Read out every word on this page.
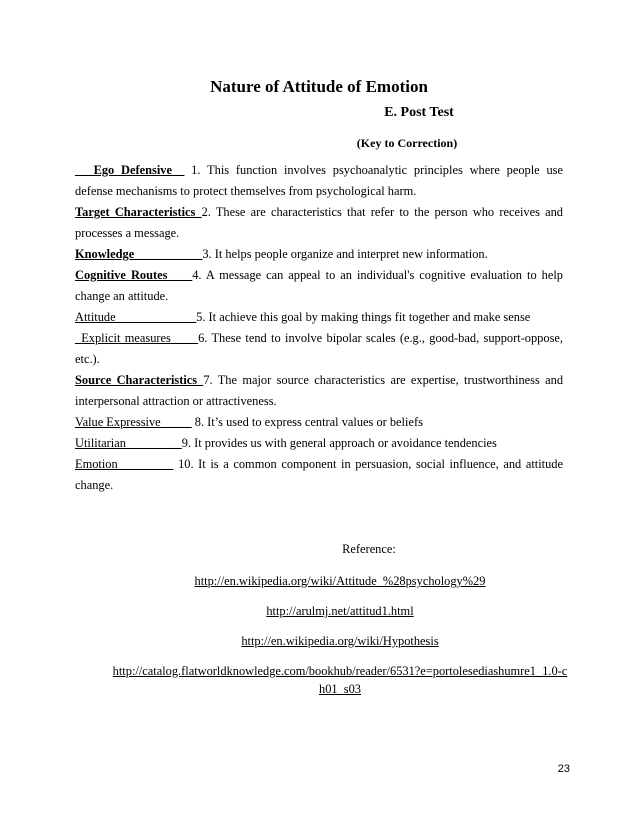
Nature of Attitude of Emotion
E. Post Test
(Key to Correction)

___Ego Defensive__ 1. This function involves psychoanalytic principles where people use defense mechanisms to protect themselves from psychological harm.

Target Characteristics_2. These are characteristics that refer to the person who receives and processes a message.

Knowledge___________3. It helps people organize and interpret new information.

Cognitive Routes____4. A message can appeal to an individual's cognitive evaluation to help change an attitude.

Attitude_____________5. It achieve this goal by making things fit together and make sense

_Explicit measures  ___6. These tend to involve bipolar scales (e.g., good-bad, support-oppose, etc.).

Source Characteristics_7. The major source characteristics are expertise, trustworthiness and interpersonal attraction or attractiveness.

Value Expressive  ____ 8. It’s used to express central values or beliefs

Utilitarian  ________9. It provides us with general approach or avoidance tendencies

Emotion_________ 10. It is a common component in persuasion, social influence, and attitude change.

Reference:
http://en.wikipedia.org/wiki/Attitude_%28psychology%29
http://arulmj.net/attitud1.html
http://en.wikipedia.org/wiki/Hypothesis
http://catalog.flatworldknowledge.com/bookhub/reader/6531?e=portolesediashumre1_1.0-ch01_s03
23
